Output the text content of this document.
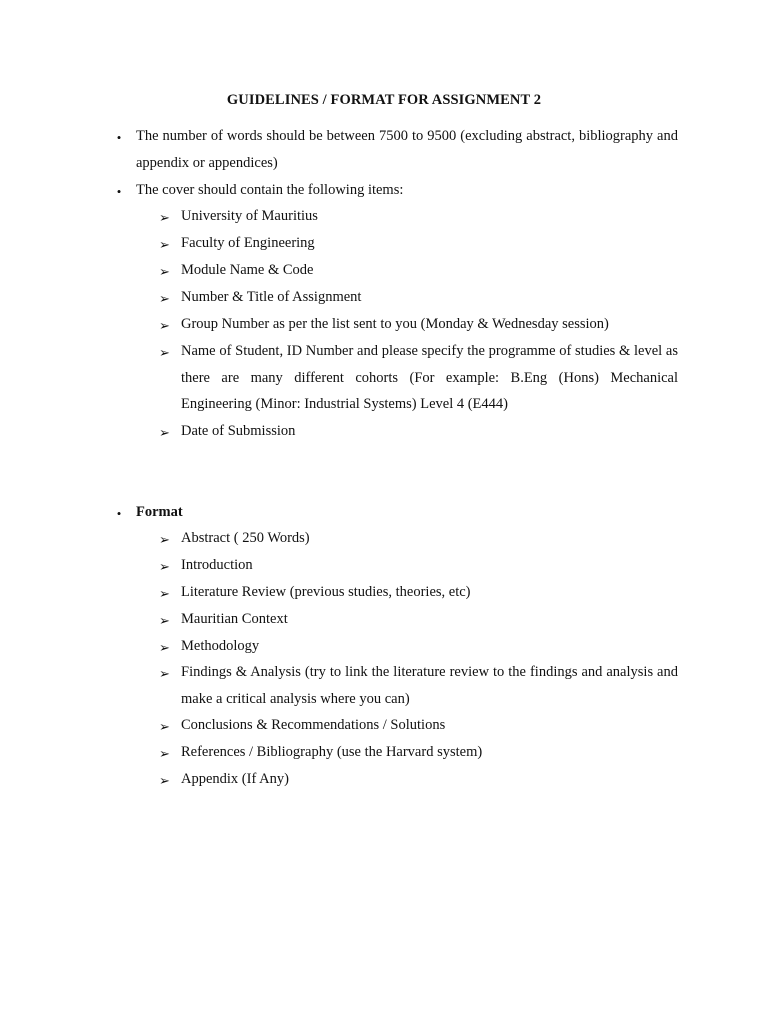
GUIDELINES / FORMAT FOR ASSIGNMENT 2
• The number of words should be between 7500 to 9500 (excluding abstract, bibliography and appendix or appendices)
• The cover should contain the following items:
➢ University of Mauritius
➢ Faculty of Engineering
➢ Module Name & Code
➢ Number & Title of Assignment
➢ Group Number as per the list sent to you (Monday & Wednesday session)
➢ Name of Student, ID Number and please specify the programme of studies & level as there are many different cohorts (For example: B.Eng (Hons) Mechanical Engineering (Minor: Industrial Systems) Level 4 (E444)
➢ Date of Submission
• Format
➢ Abstract ( 250 Words)
➢ Introduction
➢ Literature Review (previous studies, theories, etc)
➢ Mauritian Context
➢ Methodology
➢ Findings & Analysis (try to link the literature review to the findings and analysis and make a critical analysis where you can)
➢ Conclusions & Recommendations / Solutions
➢ References / Bibliography (use the Harvard system)
➢ Appendix (If Any)
